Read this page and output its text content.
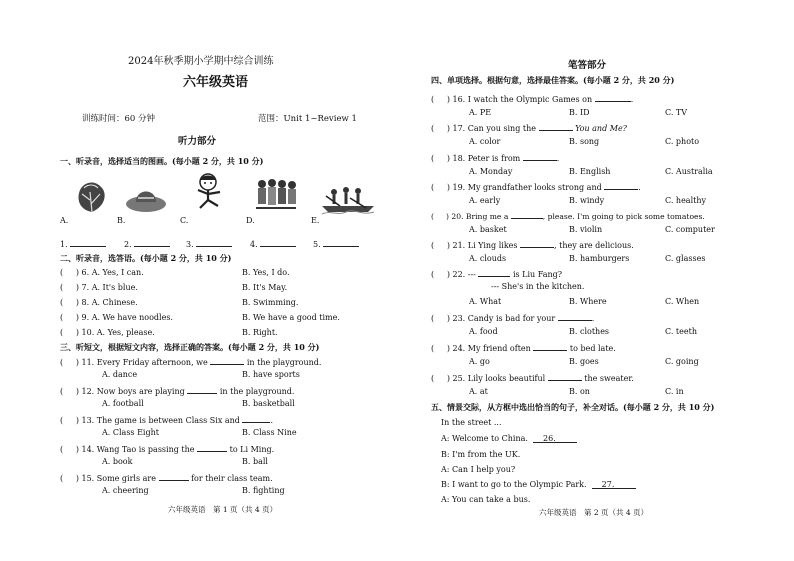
2024年秋季期小学期中综合训练
六年级英语
训练时间：60 分钟	范围：Unit 1~Review 1
听力部分
一、听录音，选择适当的图画。(每小题 2 分，共 10 分)
A.	B.	C.	D.	E.
1.	2.	3.	4.	5.
二、听录音，选答语。(每小题 2 分，共 10 分)
( ) 6. A. Yes, I can.	B. Yes, I do.
( ) 7. A. It's blue.	B. It's May.
( ) 8. A. Chinese.	B. Swimming.
( ) 9. A. We have noodles.	B. We have a good time.
( ) 10. A. Yes, please.	B. Right.
三、听短文，根据短文内容，选择正确的答案。(每小题 2 分，共 10 分)
(     ) 11. Every Friday afternoon, we	in the playground.
A. dance	B. have sports
(     ) 12. Now boys are playing	in the playground.
A. football	B. basketball
(     ) 13. The game is between Class Six and	.
A. Class Eight	B. Class Nine
(     ) 14. Wang Tao is passing the	to Li Ming.
A. book	B. ball
(     ) 15. Some girls are	for their class team.
A. cheering	B. fighting
六年级英语　第 1 页（共 4 页）
笔答部分
四、单项选择。根据句意，选择最佳答案。(每小题 2 分，共 20 分)
(     ) 16. I watch the Olympic Games on	.
A. PE	B. ID	C. TV
(     ) 17. Can you sing the	You and Me?
A. color	B. song	C. photo
(     ) 18. Peter is from	.
A. Monday	B. English	C. Australia
(     ) 19. My grandfather looks strong and	.
A. early	B. windy	C. healthy
(     ) 20. Bring me a	, please. I'm going to pick some tomatoes.
A. basket	B. violin	C. computer
(     ) 21. Li Ying likes	, they are delicious.
A. clouds	B. hamburgers	C. glasses
(     ) 22. ---	is Liu Fang?
--- She's in the kitchen.
A. What	B. Where	C. When
(     ) 23. Candy is bad for your	.
A. food	B. clothes	C. teeth
(     ) 24. My friend often	to bed late.
A. go	B. goes	C. going
(     ) 25. Lily looks beautiful	the sweater.
A. at	B. on	C. in
五、情景交际，从方框中选出恰当的句子，补全对话。(每小题 2 分，共 10 分)
In the street ...
A: Welcome to China. 26.
B: I'm from the UK.
A: Can I help you?
B: I want to go to the Olympic Park. 27.
A: You can take a bus.
六年级英语　第 2 页（共 4 页）
